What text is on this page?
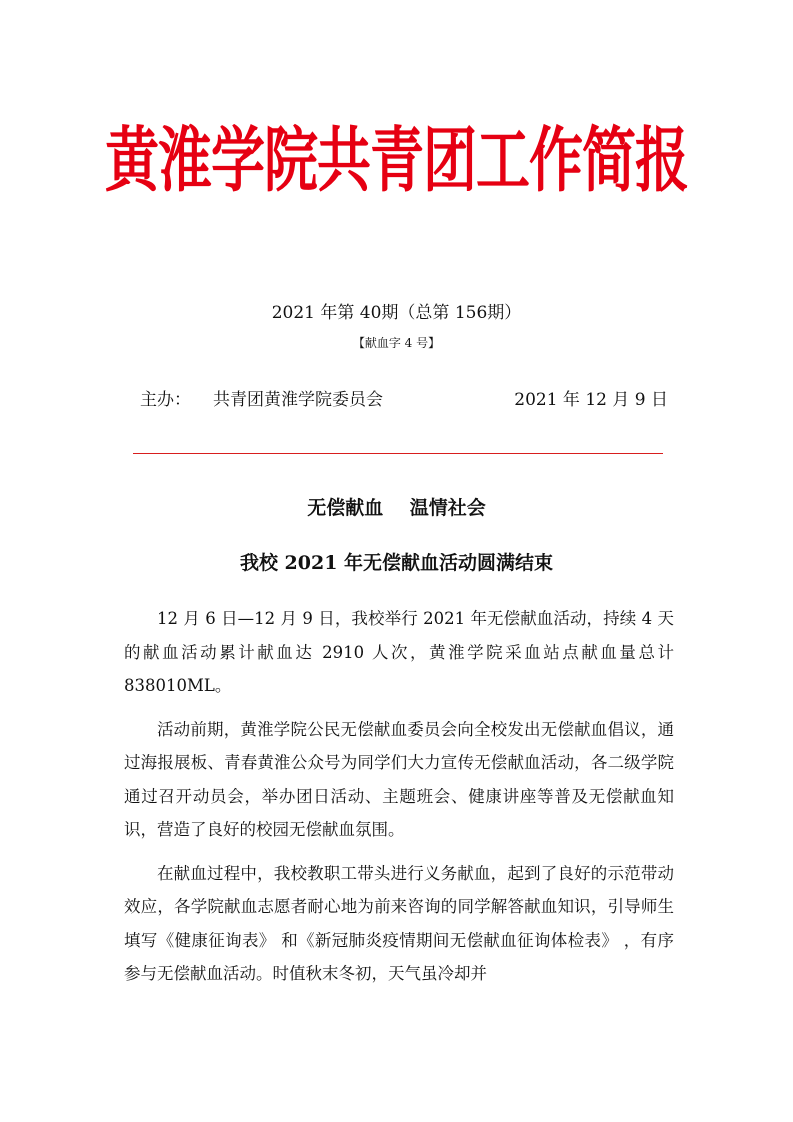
黄淮学院共青团工作简报
2021 年第 40期（总第 156期）
【献血字 4 号】
主办： 共青团黄淮学院委员会	2021 年 12 月 9 日
无偿献血    温情社会
我校 2021 年无偿献血活动圆满结束

12 月 6 日—12 月 9 日，我校举行 2021 年无偿献血活动，持续 4 天的献血活动累计献血达 2910 人次，黄淮学院采血站点献血量总计 838010ML。

活动前期，黄淮学院公民无偿献血委员会向全校发出无偿献血倡议，通过海报展板、青春黄淮公众号为同学们大力宣传无偿献血活动，各二级学院通过召开动员会，举办团日活动、主题班会、健康讲座等普及无偿献血知识，营造了良好的校园无偿献血氛围。

在献血过程中，我校教职工带头进行义务献血，起到了良好的示范带动效应，各学院献血志愿者耐心地为前来咨询的同学解答献血知识，引导师生填写《健康征询表》 和《新冠肺炎疫情期间无偿献血征询体检表》 ，有序参与无偿献血活动。时值秋末冬初，天气虽冷却并
